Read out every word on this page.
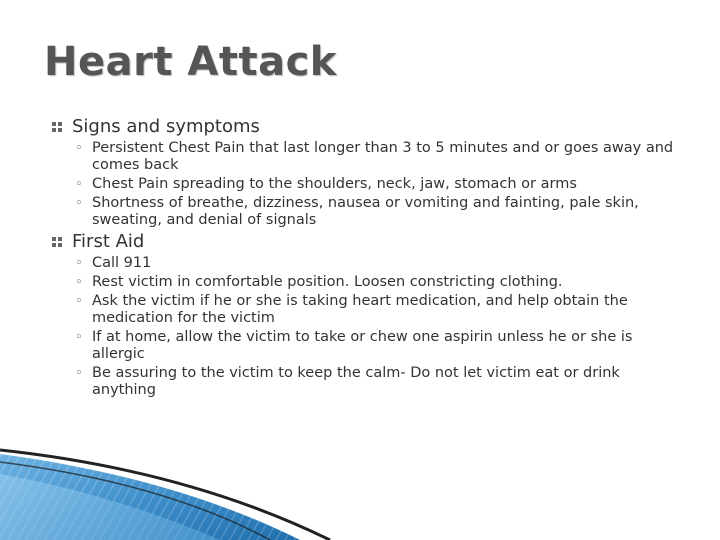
Heart Attack
Signs and symptoms
◦ Persistent Chest Pain that last longer than 3 to 5 minutes and or goes away and comes back
◦ Chest Pain spreading to the shoulders, neck, jaw, stomach or arms
◦ Shortness of breathe, dizziness, nausea or vomiting and fainting, pale skin, sweating, and denial of signals
First Aid
◦ Call 911
◦ Rest victim in comfortable position. Loosen constricting clothing.
◦ Ask the victim if he or she is taking heart medication, and help obtain the medication for the victim
◦ If at home, allow the victim to take or chew one aspirin unless he or she is allergic
◦ Be assuring to the victim to keep the calm- Do not let victim eat or drink anything
